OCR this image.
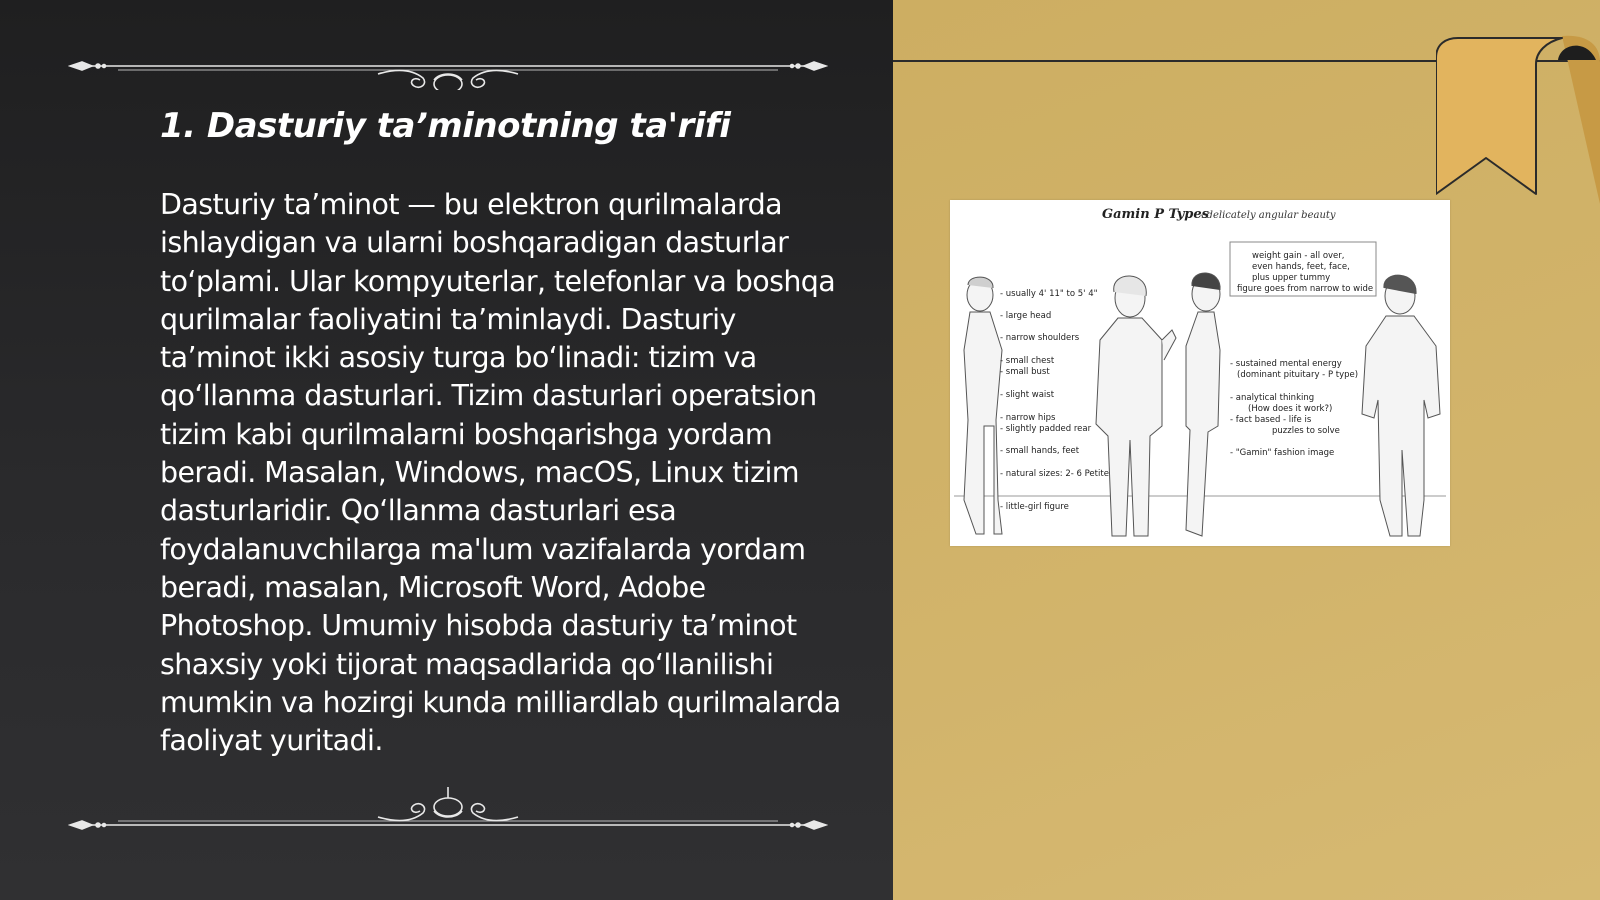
1. Dasturiy ta’minotning ta'rifi

Dasturiy ta’minot — bu elektron qurilmalarda ishlaydigan va ularni boshqaradigan dasturlar to‘plami. Ular kompyuterlar, telefonlar va boshqa qurilmalar faoliyatini ta’minlaydi. Dasturiy ta’minot ikki asosiy turga bo‘linadi: tizim va qo‘llanma dasturlari. Tizim dasturlari operatsion tizim kabi qurilmalarni boshqarishga yordam beradi. Masalan, Windows, macOS, Linux tizim dasturlaridir. Qo‘llanma dasturlari esa foydalanuvchilarga ma'lum vazifalarda yordam beradi, masalan, Microsoft Word, Adobe Photoshop. Umumiy hisobda dasturiy ta’minot shaxsiy yoki tijorat maqsadlarida qo‘llanilishi mumkin va hozirgi kunda milliardlab qurilmalarda faoliyat yuritadi.

Gamin P Types
- delicately angular beauty
- usually 4' 11" to 5' 4"
- large head
- narrow shoulders
- small chest
- small bust
- slight waist
- narrow hips
- slightly padded rear
- small hands, feet
- natural sizes: 2- 6 Petite
- little-girl figure
weight gain - all over,
even hands, feet, face,
plus upper tummy
figure goes from narrow to wide
- sustained mental energy
(dominant pituitary - P type)
- analytical thinking
(How does it work?)
- fact based - life is
puzzles to solve
- "Gamin" fashion image
